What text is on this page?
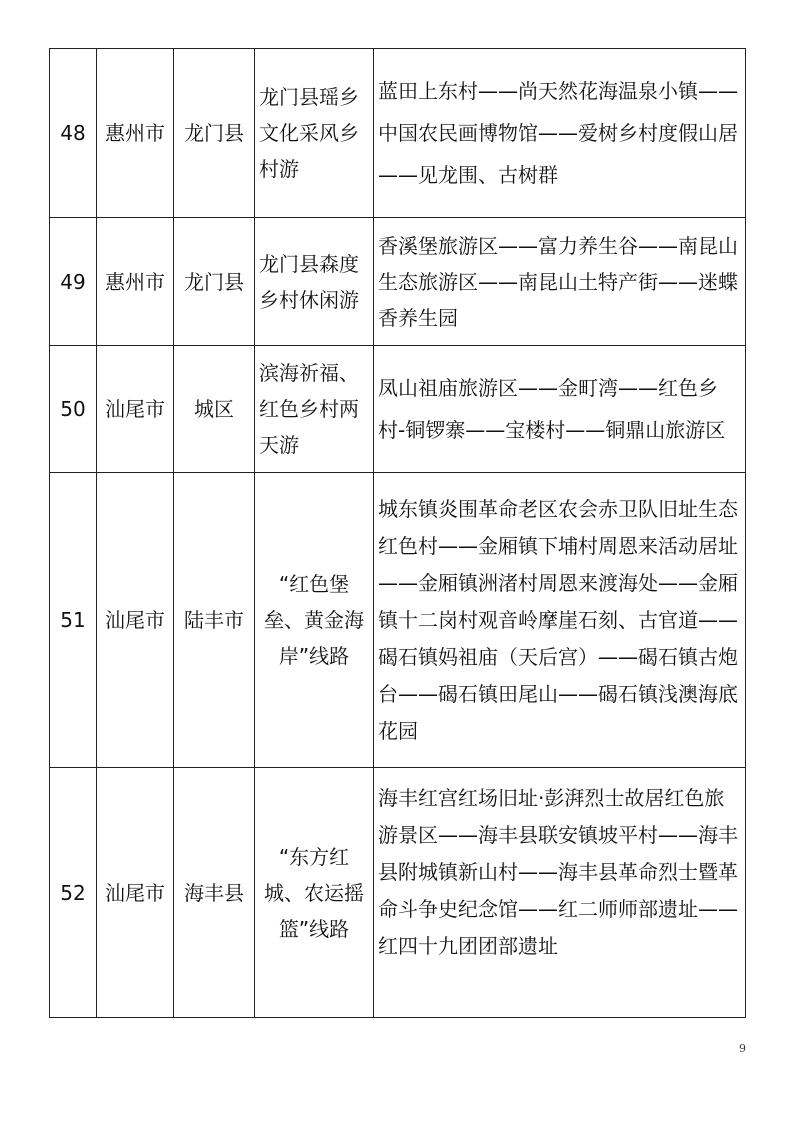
48	惠州市	龙门县	龙门县瑶乡文化采风乡村游	蓝田上东村——尚天然花海温泉小镇——中国农民画博物馆——爱树乡村度假山居——见龙围、古树群
49	惠州市	龙门县	龙门县森度乡村休闲游	香溪堡旅游区——富力养生谷——南昆山生态旅游区——南昆山土特产街——迷蝶香养生园
50	汕尾市	城区	滨海祈福、红色乡村两天游	凤山祖庙旅游区——金町湾——红色乡村-铜锣寨——宝楼村——铜鼎山旅游区
51	汕尾市	陆丰市	“红色堡垒、黄金海岸”线路	城东镇炎围革命老区农会赤卫队旧址生态红色村——金厢镇下埔村周恩来活动居址——金厢镇洲渚村周恩来渡海处——金厢镇十二岗村观音岭摩崖石刻、古官道——碣石镇妈祖庙（天后宫）——碣石镇古炮台——碣石镇田尾山——碣石镇浅澳海底花园
52	汕尾市	海丰县	“东方红城、农运摇篮”线路	海丰红宫红场旧址·彭湃烈士故居红色旅游景区——海丰县联安镇坡平村——海丰县附城镇新山村——海丰县革命烈士暨革命斗争史纪念馆——红二师师部遗址——红四十九团团部遗址
9
